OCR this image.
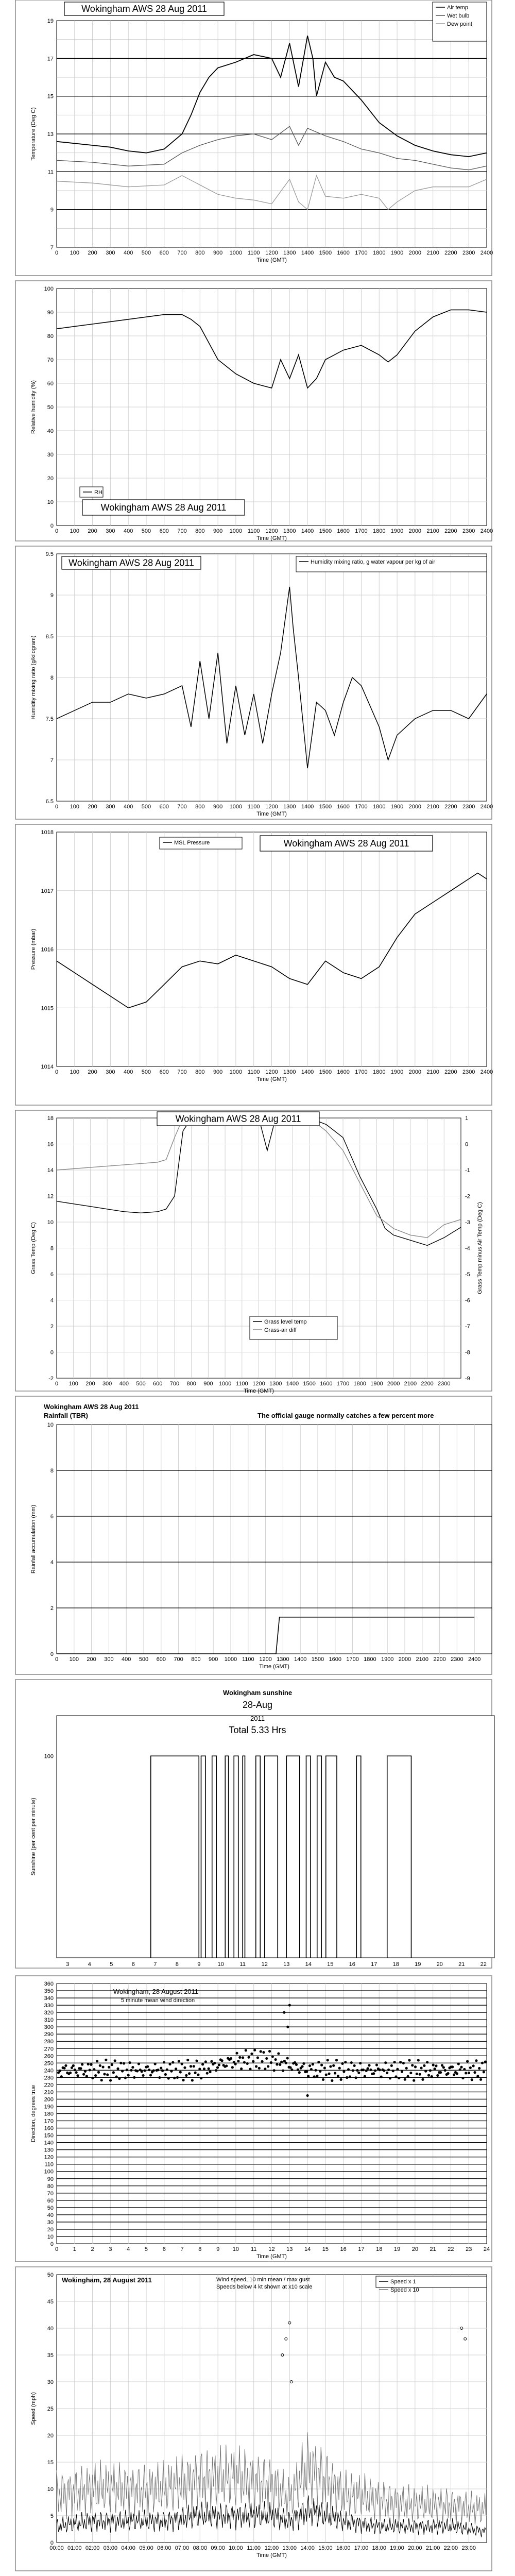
0 100 200 300 400 500 600 700 800 900 1000 1100 1200 1300 1400 1500 1600 1700 1800 1900 2000 2100 2200 2300 2400
7
9
11
13
15
17
19
Time (GMT)
Temperature (Deg C)
Wokingham AWS 28 Aug 2011	Air temp
Wet bulb
Dew point
0 100 200 300 400 500 600 700 800 900 1000 1100 1200 1300 1400 1500 1600 1700 1800 1900 2000 2100 2200 2300 2400
0
10
20
30
40
50
60
70
80
90
100
Time (GMT)
Relative humidity (%)
RH
Wokingham AWS 28 Aug 2011
0 100 200 300 400 500 600 700 800 900 1000 1100 1200 1300 1400 1500 1600 1700 1800 1900 2000 2100 2200 2300 2400
6.5
7
7.5
8
8.5
9
9.5
Time (GMT)
Humidity mixing ratio (g/kilogram)
Wokingham AWS 28 Aug 2011	Humidity mixing ratio, g water vapour per kg of air
0 100 200 300 400 500 600 700 800 900 1000 1100 1200 1300 1400 1500 1600 1700 1800 1900 2000 2100 2200 2300 2400
1014
1015
1016
1017
1018
Time (GMT)
Pressure (mbar)
MSL Pressure	Wokingham AWS 28 Aug 2011
0 100 200 300 400 500 600 700 800 900 1000 1100 1200 1300 1400 1500 1600 1700 1800 1900 2000 2100 2200 2300
-2
0
2
4
6
8
10
12
14
16
18
Time (GMT)
Grass Temp (Deg C)
-9
-8
-7
-6
-5
-4
-3
-2
-1
0
1
Grass Temp minus Air Temp (Deg C)
Wokingham AWS 28 Aug 2011
Grass level temp
Grass-air diff
0 100 200 300 400 500 600 700 800 900 1000 1100 1200 1300 1400 1500 1600 1700 1800 1900 2000 2100 2200 2300 2400
0
2
4
6
8
10
Time (GMT)
Rainfall accumulation (mm)
Wokingham AWS 28 Aug 2011
Rainfall (TBR)	The official gauge normally catches a few percent more
100
3	4	5	6	7	8	9	10	11	12	13	14	15	16	17	18	19	20	21	22
Sunshine (per cent per minute)
Wokingham sunshine
28-Aug
2011
Total 5.33 Hrs
0	1	2	3	4	5	6	7	8	9 10 11 12 13 14 15 16 17 18 19 20 21 22 23 24
0
10
20
30
40
50
60
70
80
90
100
110
120
130
140
150
160
170
180
190
200
210
220
230
240
250
260
270
280
290
300
310
320
330
340
350
360
Time (GMT)
Direction, degrees true
Wokingham, 28 August 2011
5 minute mean wind direction
00:00 01:00 02:00 03:00 04:00 05:00 06:00 07:00 08:00 09:00 10:00 11:00 12:00 13:00 14:00 15:00 16:00 17:00 18:00 19:00 20:00 21:00 22:00 23:00
0
5
10
15
20
25
30
35
40
45
50
Time (GMT)
Speed (mph)
Wokingham, 28 August 2011	Wind speed, 10 min mean / max gust
Speeds below 4 kt shown at x10 scale
Speed x 1
Speed x 10
